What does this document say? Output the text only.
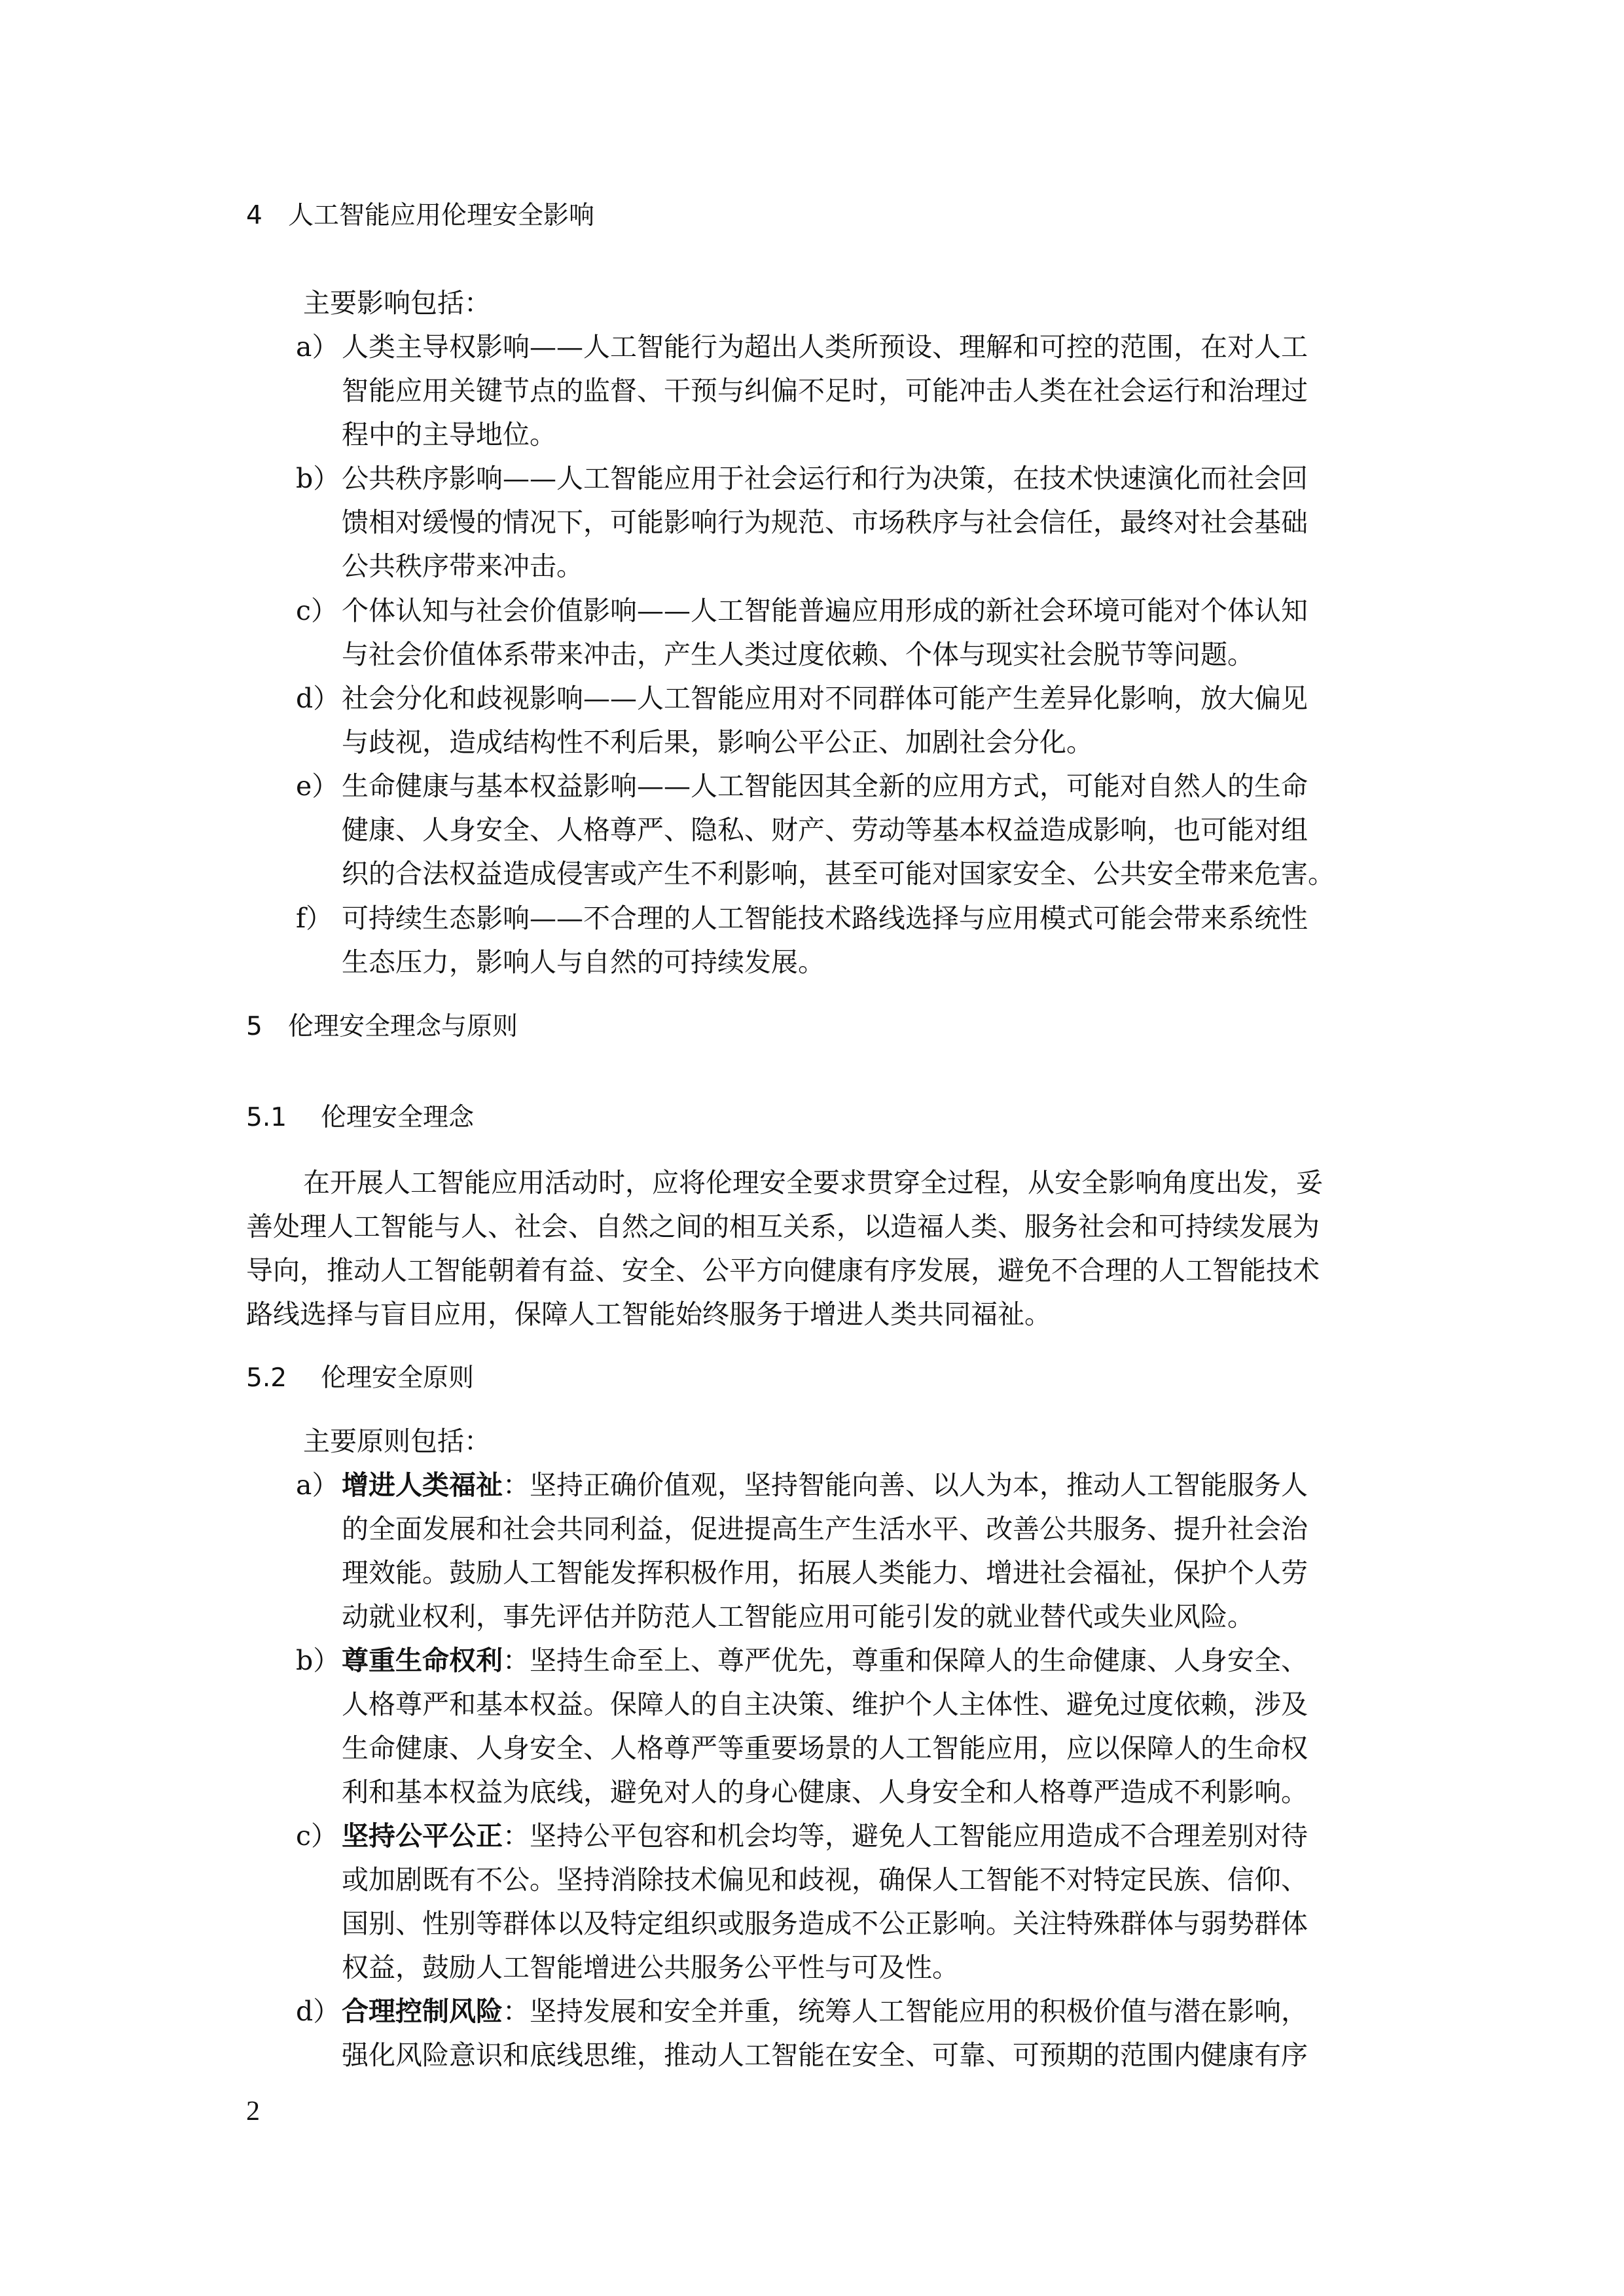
4 人工智能应用伦理安全影响
主要影响包括：
a） 人类主导权影响——人工智能行为超出人类所预设、理解和可控的范围，在对人工
智能应用关键节点的监督、干预与纠偏不足时，可能冲击人类在社会运行和治理过
程中的主导地位。
b）公共秩序影响——人工智能应用于社会运行和行为决策，在技术快速演化而社会回
馈相对缓慢的情况下，可能影响行为规范、市场秩序与社会信任，最终对社会基础
公共秩序带来冲击。
c） 个体认知与社会价值影响——人工智能普遍应用形成的新社会环境可能对个体认知
与社会价值体系带来冲击，产生人类过度依赖、个体与现实社会脱节等问题。
d）社会分化和歧视影响——人工智能应用对不同群体可能产生差异化影响，放大偏见
与歧视，造成结构性不利后果，影响公平公正、加剧社会分化。
e） 生命健康与基本权益影响——人工智能因其全新的应用方式，可能对自然人的生命
健康、人身安全、人格尊严、隐私、财产、劳动等基本权益造成影响，也可能对组
织的合法权益造成侵害或产生不利影响，甚至可能对国家安全、公共安全带来危害。
f） 可持续生态影响——不合理的人工智能技术路线选择与应用模式可能会带来系统性
生态压力，影响人与自然的可持续发展。
5 伦理安全理念与原则
5.1 伦理安全理念
在开展人工智能应用活动时，应将伦理安全要求贯穿全过程，从安全影响角度出发，妥
善处理人工智能与人、社会、自然之间的相互关系，以造福人类、服务社会和可持续发展为
导向，推动人工智能朝着有益、安全、公平方向健康有序发展，避免不合理的人工智能技术
路线选择与盲目应用，保障人工智能始终服务于增进人类共同福祉。
5.2 伦理安全原则
主要原则包括：
a） 增进人类福祉：坚持正确价值观，坚持智能向善、以人为本，推动人工智能服务人
的全面发展和社会共同利益，促进提高生产生活水平、改善公共服务、提升社会治
理效能。鼓励人工智能发挥积极作用，拓展人类能力、增进社会福祉，保护个人劳
动就业权利，事先评估并防范人工智能应用可能引发的就业替代或失业风险。
b）尊重生命权利：坚持生命至上、尊严优先，尊重和保障人的生命健康、人身安全、
人格尊严和基本权益。保障人的自主决策、维护个人主体性、避免过度依赖，涉及
生命健康、人身安全、人格尊严等重要场景的人工智能应用，应以保障人的生命权
利和基本权益为底线，避免对人的身心健康、人身安全和人格尊严造成不利影响。
c） 坚持公平公正：坚持公平包容和机会均等，避免人工智能应用造成不合理差别对待
或加剧既有不公。坚持消除技术偏见和歧视，确保人工智能不对特定民族、信仰、
国别、性别等群体以及特定组织或服务造成不公正影响。关注特殊群体与弱势群体
权益，鼓励人工智能增进公共服务公平性与可及性。
d）合理控制风险：坚持发展和安全并重，统筹人工智能应用的积极价值与潜在影响，
强化风险意识和底线思维，推动人工智能在安全、可靠、可预期的范围内健康有序
2
